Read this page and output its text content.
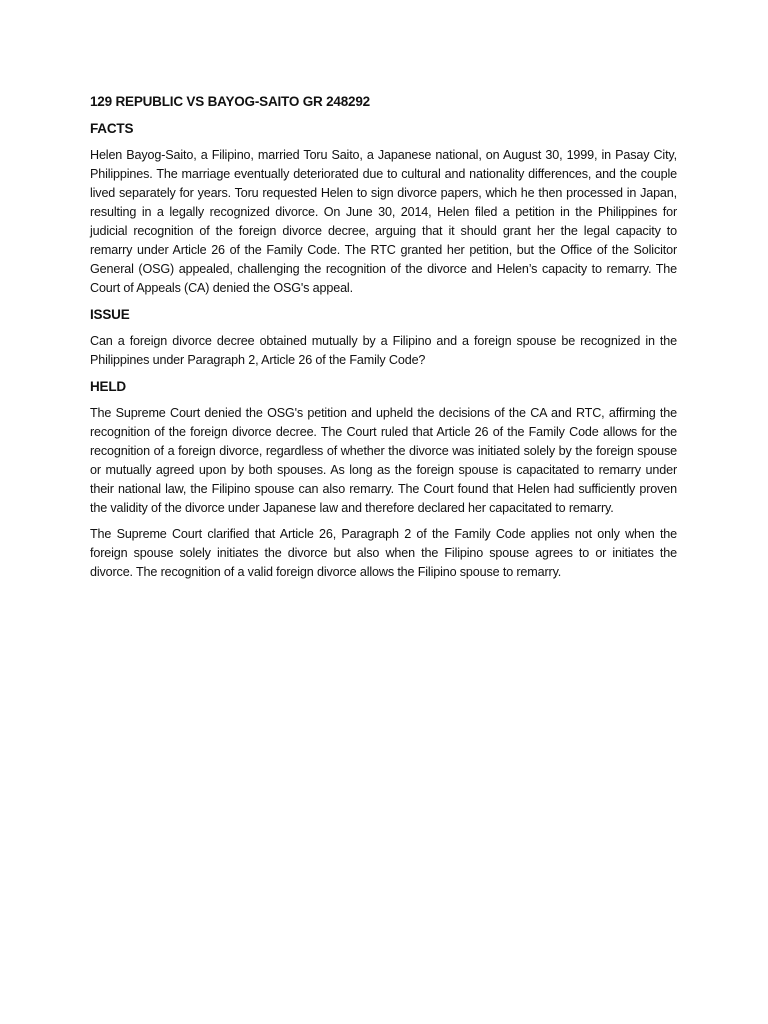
129 REPUBLIC VS BAYOG-SAITO GR 248292
FACTS

Helen Bayog-Saito, a Filipino, married Toru Saito, a Japanese national, on August 30, 1999, in Pasay City, Philippines. The marriage eventually deteriorated due to cultural and nationality differences, and the couple lived separately for years. Toru requested Helen to sign divorce papers, which he then processed in Japan, resulting in a legally recognized divorce. On June 30, 2014, Helen filed a petition in the Philippines for judicial recognition of the foreign divorce decree, arguing that it should grant her the legal capacity to remarry under Article 26 of the Family Code. The RTC granted her petition, but the Office of the Solicitor General (OSG) appealed, challenging the recognition of the divorce and Helen’s capacity to remarry. The Court of Appeals (CA) denied the OSG's appeal.

ISSUE

Can a foreign divorce decree obtained mutually by a Filipino and a foreign spouse be recognized in the Philippines under Paragraph 2, Article 26 of the Family Code?

HELD

The Supreme Court denied the OSG's petition and upheld the decisions of the CA and RTC, affirming the recognition of the foreign divorce decree. The Court ruled that Article 26 of the Family Code allows for the recognition of a foreign divorce, regardless of whether the divorce was initiated solely by the foreign spouse or mutually agreed upon by both spouses. As long as the foreign spouse is capacitated to remarry under their national law, the Filipino spouse can also remarry. The Court found that Helen had sufficiently proven the validity of the divorce under Japanese law and therefore declared her capacitated to remarry.

The Supreme Court clarified that Article 26, Paragraph 2 of the Family Code applies not only when the foreign spouse solely initiates the divorce but also when the Filipino spouse agrees to or initiates the divorce. The recognition of a valid foreign divorce allows the Filipino spouse to remarry.
